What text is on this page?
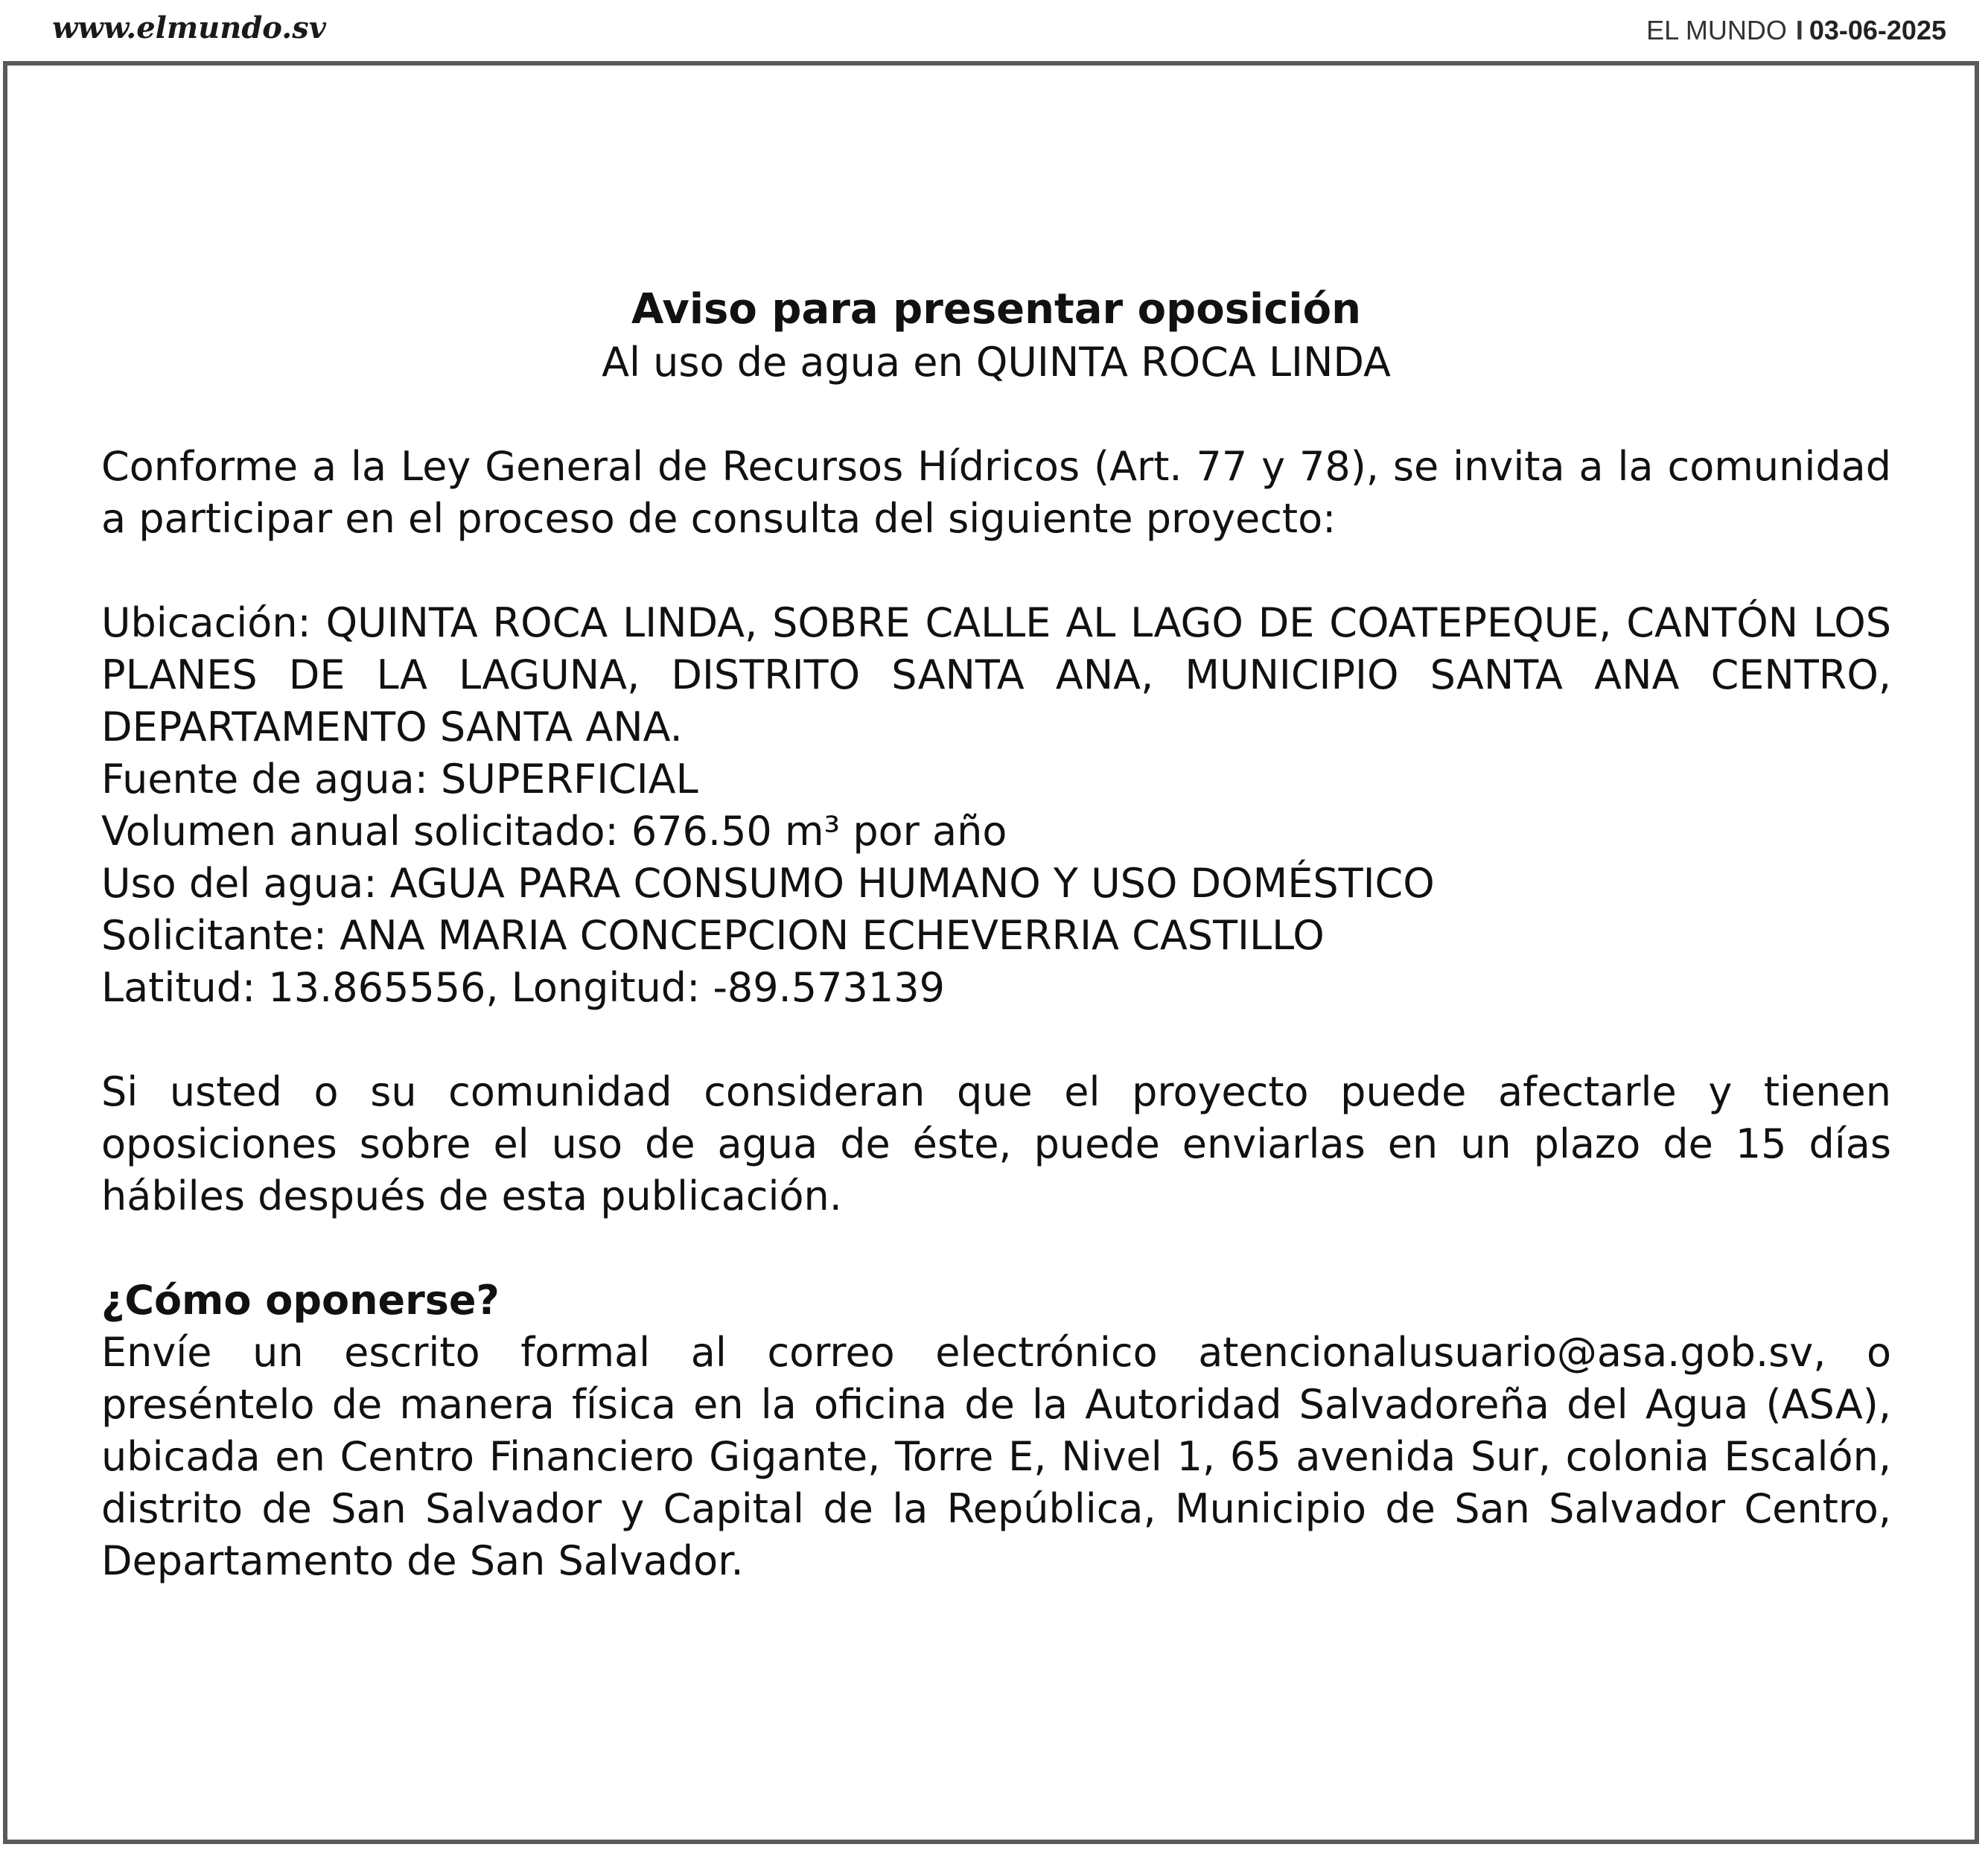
www.elmundo.sv	EL MUNDO I 03-06-2025

Aviso para presentar oposición

Al uso de agua en QUINTA ROCA LINDA

Conforme a la Ley General de Recursos Hídricos (Art. 77 y 78), se invita a la comunidad a participar en el proceso de consulta del siguiente proyecto:

Ubicación: QUINTA ROCA LINDA, SOBRE CALLE AL LAGO DE COATEPEQUE, CANTÓN LOS PLANES DE LA LAGUNA, DISTRITO SANTA ANA, MUNICIPIO SANTA ANA CENTRO, DEPARTAMENTO SANTA ANA.

Fuente de agua: SUPERFICIAL

Volumen anual solicitado: 676.50 m³ por año

Uso del agua: AGUA PARA CONSUMO HUMANO Y USO DOMÉSTICO

Solicitante: ANA MARIA CONCEPCION ECHEVERRIA CASTILLO

Latitud: 13.865556, Longitud: -89.573139

Si usted o su comunidad consideran que el proyecto puede afectarle y tienen oposiciones sobre el uso de agua de éste, puede enviarlas en un plazo de 15 días hábiles después de esta publicación.

¿Cómo oponerse?

Envíe un escrito formal al correo electrónico atencionalusuario@asa.gob.sv, o preséntelo de manera física en la oficina de la Autoridad Salvadoreña del Agua (ASA), ubicada en Centro Financiero Gigante, Torre E, Nivel 1, 65 avenida Sur, colonia Escalón, distrito de San Salvador y Capital de la República, Municipio de San Salvador Centro, Departamento de San Salvador.
